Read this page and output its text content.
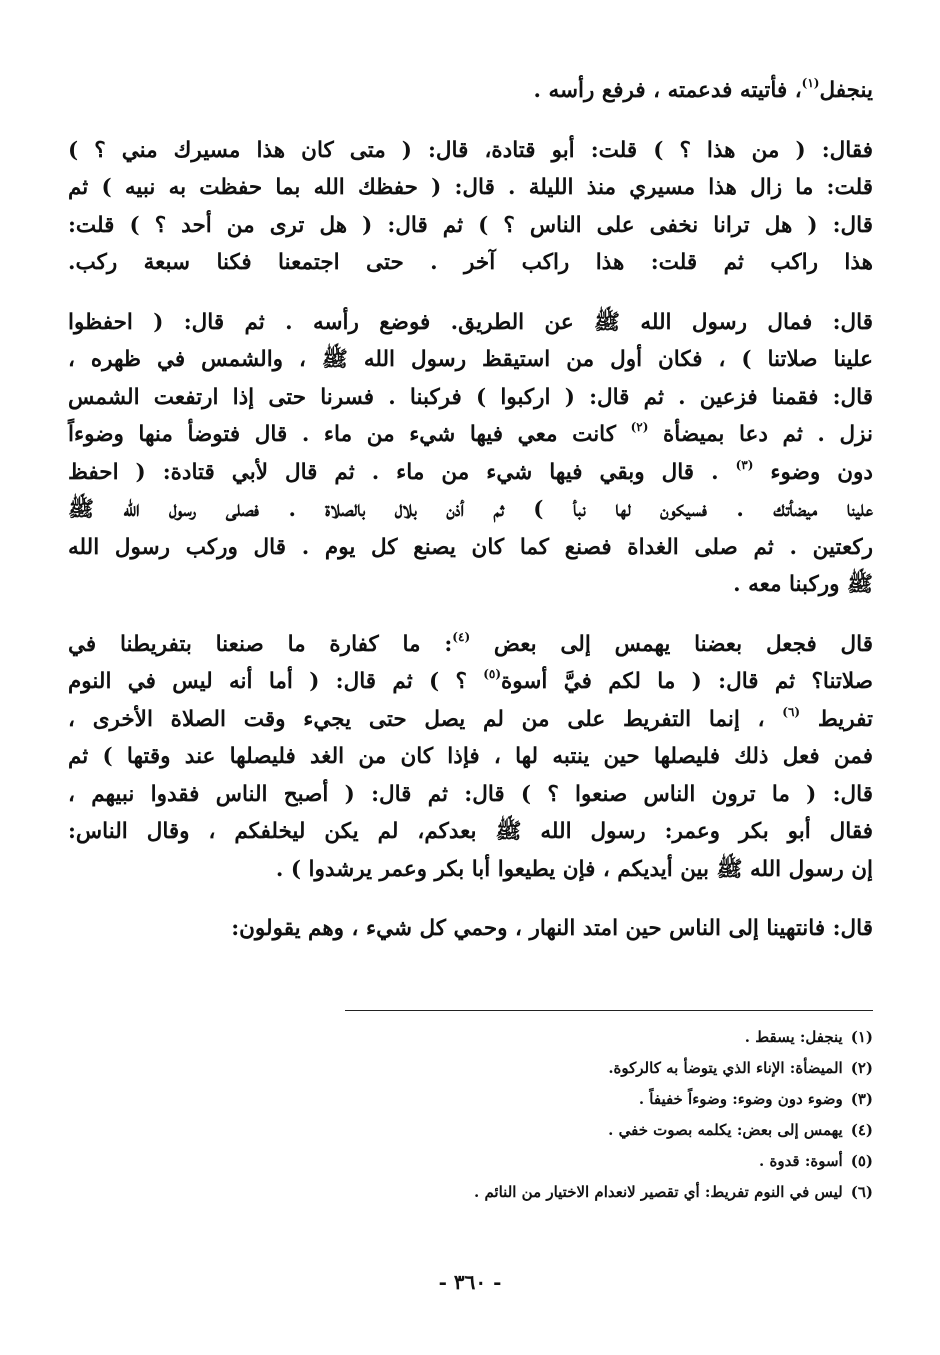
ينجفل$^{(١)}$، فأتيته فدعمته ، فرفع رأسه .
فقال: ( من هذا ؟ ) قلت: أبو قتادة، قال: ( متى كان هذا مسيرك مني ؟ )
قلت: ما زال هذا مسيري منذ الليلة . قال: ( حفظك الله بما حفظت به نبيه ) ثم
قال: ( هل ترانا نخفى على الناس ؟ ) ثم قال: ( هل ترى من أحد ؟ ) قلت:
هذا راكب ثم قلت: هذا راكب آخر . حتى اجتمعنا فكنا سبعة ركب.
قال: فمال رسول الله ﷺ عن الطريق. فوضع رأسه . ثم قال: ( احفظوا
علينا صلاتنا ) ، فكان أول من استيقظ رسول الله ﷺ ، والشمس في ظهره ،
قال: فقمنا فزعين . ثم قال: ( اركبوا ) فركبنا . فسرنا حتى إذا ارتفعت الشمس
نزل . ثم دعا بميضأة $^{(٢)}$ كانت معي فيها شيء من ماء . قال فتوضأ منها وضوءاً
دون وضوء $^{(٣)}$ . قال وبقي فيها شيء من ماء . ثم قال لأبي قتادة: ( احفظ
علينا ميضأتك . فسيكون لها نبأ ) ثم أذن بلال بالصلاة . فصلى رسول الله ﷺ
ركعتين . ثم صلى الغداة فصنع كما كان يصنع كل يوم . قال وركب رسول الله
ﷺ وركبنا معه .
قال فجعل بعضنا يهمس إلى بعض $^{(٤)}$: ما كفارة ما صنعنا بتفريطنا في
صلاتنا؟ ثم قال: ( ما لكم فيَّ أسوة$^{(٥)}$ ؟ ) ثم قال: ( أما أنه ليس في النوم
تفريط $^{(٦)}$ ، إنما التفريط على من لم يصل حتى يجيء وقت الصلاة الأخرى ،
فمن فعل ذلك فليصلها حين ينتبه لها ، فإذا كان من الغد فليصلها عند وقتها ) ثم
قال: ( ما ترون الناس صنعوا ؟ ) قال: ثم قال: ( أصبح الناس فقدوا نبيهم ،
فقال أبو بكر وعمر: رسول الله ﷺ بعدكم، لم يكن ليخلفكم ، وقال الناس:
إن رسول الله ﷺ بين أيديكم ، فإن يطيعوا أبا بكر وعمر يرشدوا ) .
قال: فانتهينا إلى الناس حين امتد النهار ، وحمي كل شيء ، وهم يقولون:
(١)ينجفل: يسقط .
(٢)الميضأة: الإناء الذي يتوضأ به كالركوة.
(٣)وضوء دون وضوء: وضوءاً خفيفاً .
(٤)يهمس إلى بعض: يكلمه بصوت خفي .
(٥)أسوة: قدوة .
(٦)ليس في النوم تفريط: أي تقصير لانعدام الاختيار من النائم .
- ٣٦٠ -
